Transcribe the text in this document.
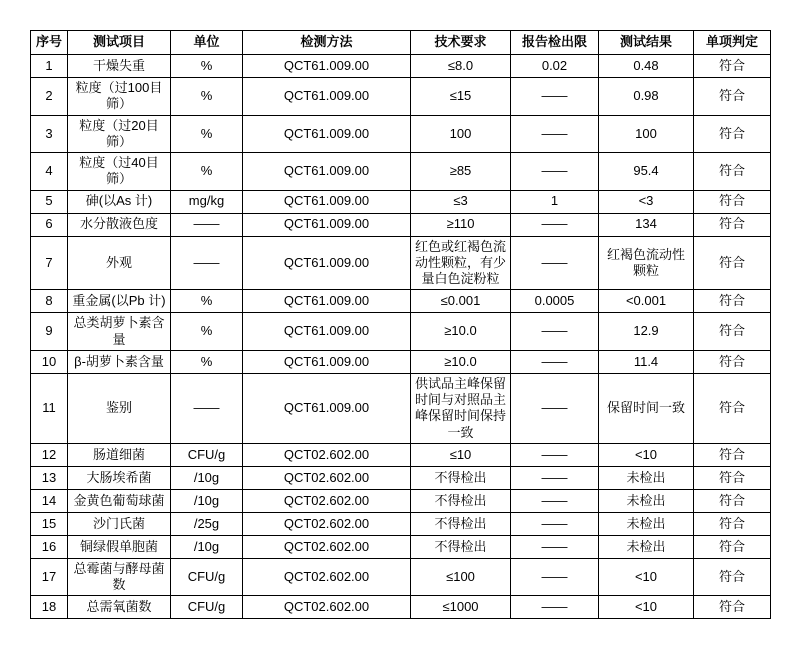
序号	测试项目	单位	检测方法	技术要求	报告检出限	测试结果	单项判定
1	干燥失重	%	QCT61.009.00	≤8.0	0.02	0.48	符合
2	粒度（过100目筛）	%	QCT61.009.00	≤15	——	0.98	符合
3	粒度（过20目筛）	%	QCT61.009.00	100	——	100	符合
4	粒度（过40目筛）	%	QCT61.009.00	≥85	——	95.4	符合
5	砷(以As 计)	mg/kg	QCT61.009.00	≤3	1	<3	符合
6	水分散液色度	——	QCT61.009.00	≥110	——	134	符合
7	外观	——	QCT61.009.00	红色或红褐色流动性颗粒，有少量白色淀粉粒	——	红褐色流动性颗粒	符合
8	重金属(以Pb 计)	%	QCT61.009.00	≤0.001	0.0005	<0.001	符合
9	总类胡萝卜素含量	%	QCT61.009.00	≥10.0	——	12.9	符合
10	β-胡萝卜素含量	%	QCT61.009.00	≥10.0	——	11.4	符合
11	鉴别	——	QCT61.009.00	供试品主峰保留时间与对照品主峰保留时间保持一致	——	保留时间一致	符合
12	肠道细菌	CFU/g	QCT02.602.00	≤10	——	<10	符合
13	大肠埃希菌	/10g	QCT02.602.00	不得检出	——	未检出	符合
14	金黄色葡萄球菌	/10g	QCT02.602.00	不得检出	——	未检出	符合
15	沙门氏菌	/25g	QCT02.602.00	不得检出	——	未检出	符合
16	铜绿假单胞菌	/10g	QCT02.602.00	不得检出	——	未检出	符合
17	总霉菌与酵母菌数	CFU/g	QCT02.602.00	≤100	——	<10	符合
18	总需氧菌数	CFU/g	QCT02.602.00	≤1000	——	<10	符合
